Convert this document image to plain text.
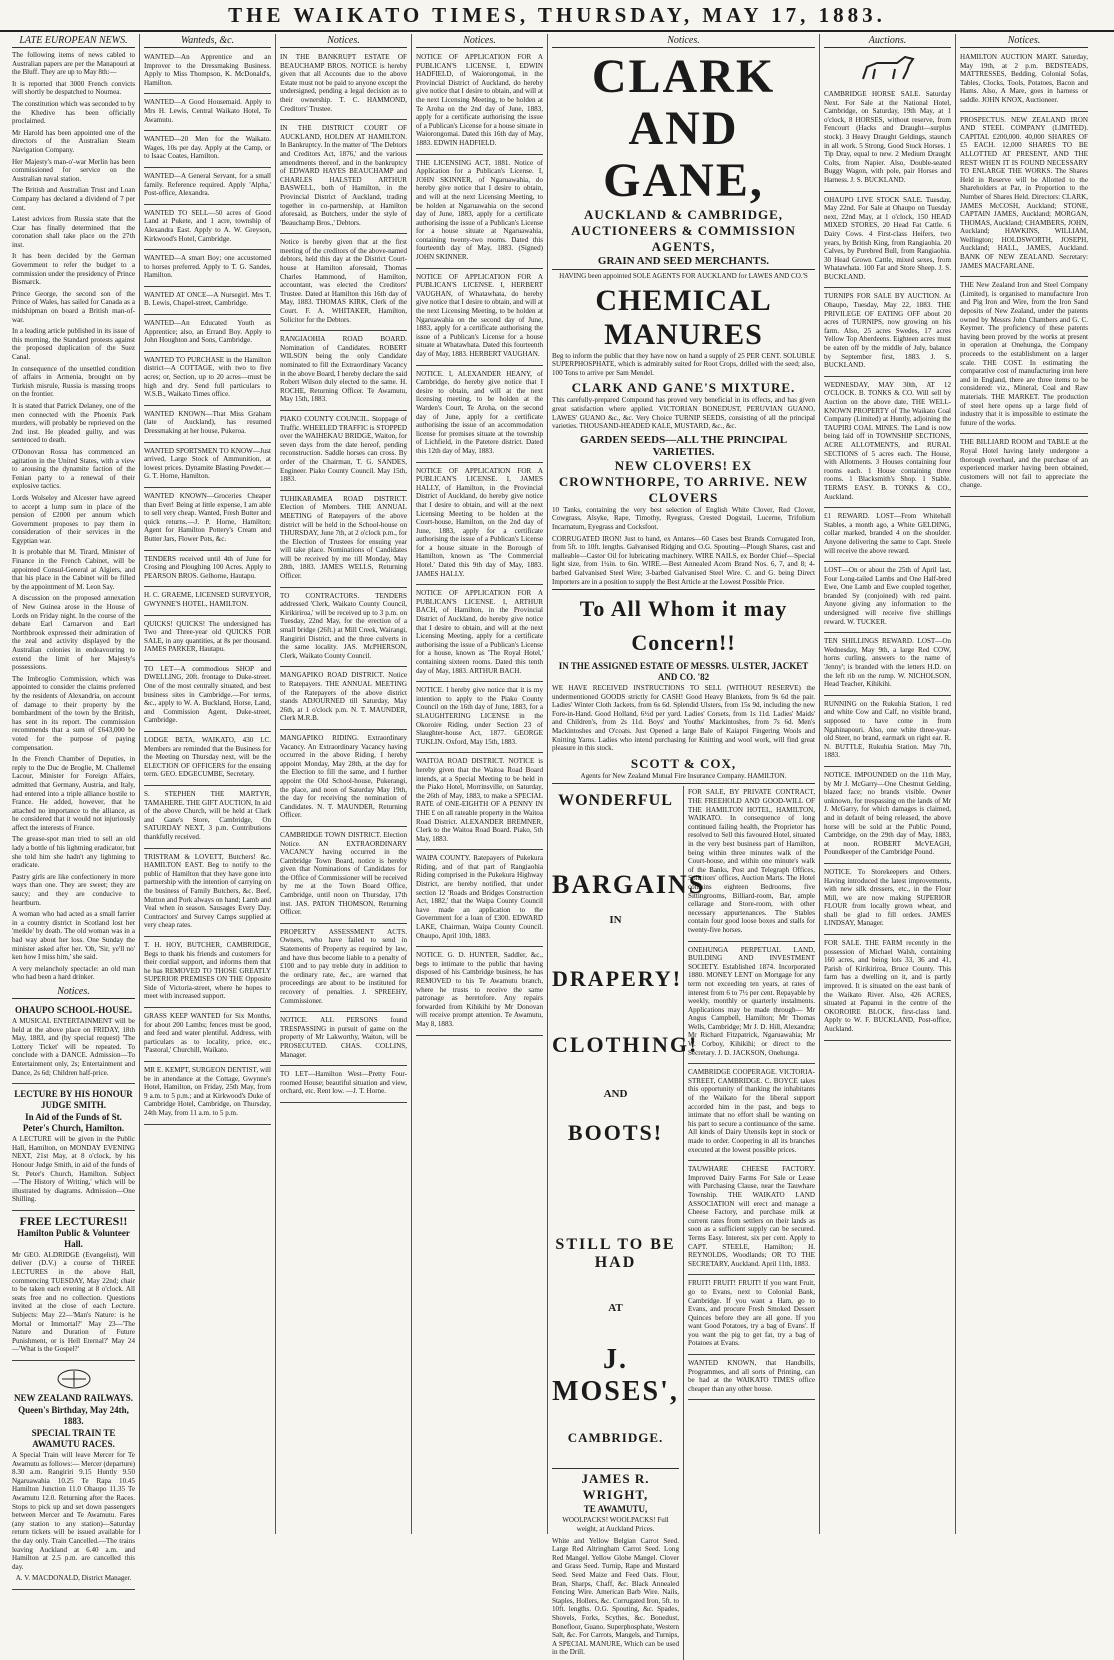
THE WAIKATO TIMES, THURSDAY, MAY 17, 1883.
LATE EUROPEAN NEWS.

The following items of news cabled to Australian papers are per the Manapouri at the Bluff. They are up to May 8th:—

It is reported that 3000 French convicts will shortly be despatched to Noumea.

The constitution which was seconded to by the Khedive has been officially proclaimed.

Mr Harold has been appointed one of the directors of the Australian Steam Navigation Company.

Her Majesty's man-o'-war Merlin has been commissioned for service on the Australian naval station.

The British and Australian Trust and Loan Company has declared a dividend of 7 per cent.

Latest advices from Russia state that the Czar has finally determined that the coronation shall take place on the 27th inst.

It has been decided by the German Government to refer the budget to a commission under the presidency of Prince Bismarck.

Prince George, the second son of the Prince of Wales, has sailed for Canada as a midshipman on board a British man-of-war.

In a leading article published in its issue of this morning, the Standard protests against the proposed duplication of the Suez Canal.

In consequence of the unsettled condition of affairs in Armenia, brought on by Turkish misrule, Russia is massing troops on the frontier.

It is stated that Patrick Delaney, one of the men connected with the Phoenix Park murders, will probably be reprieved on the 2nd inst. He pleaded guilty, and was sentenced to death.

O'Donovan Rossa has commenced an agitation in the United States, with a view to arousing the dynamite faction of the Fenian party to a renewal of their explosive tactics.

Lords Wolseley and Alcester have agreed to accept a lump sum in place of the pension of £2000 per annum which Government proposes to pay them in consideration of their services in the Egyptian war.

It is probable that M. Tirard, Minister of Finance in the French Cabinet, will be appointed Consul-General at Algiers, and that his place in the Cabinet will be filled by the appointment of M. Leon Say.

A discussion on the proposed annexation of New Guinea arose in the House of Lords on Friday night. In the course of the debate Earl Carnarvon and Earl Northbrook expressed their admiration of the zeal and activity displayed by the Australian colonies in endeavouring to extend the limit of her Majesty's possessions.

The Imbroglio Commission, which was appointed to consider the claims preferred by the residents of Alexandria, on account of damage to their property by the bombardment of the town by the British, has sent in its report. The commission recommends that a sum of £643,000 be voted for the purpose of paying compensation.

In the French Chamber of Deputies, in reply to the Duc de Broglie, M. Challemel Lacour, Minister for Foreign Affairs, admitted that Germany, Austria, and Italy, had entered into a triple alliance hostile to France. He added, however, that he attached no importance to the alliance, as he considered that it would not injuriously affect the interests of France.

The grease-spot man tried to sell an old lady a bottle of his lightning eradicator, but she told him she hadn't any lightning to eradicate.

Pastry girls are like confectionery in more ways than one. They are sweet; they are saucy; and they are conducive to heartburn.

A woman who had acted as a small farrier in a country district in Scotland lost her 'meikle' by death. The old woman was in a bad way about her loss. One Sunday the minister asked after her. 'Oh, 'Sir, ye'll no' ken how I miss him,' she said.

A very melancholy spectacle: an old man who had been a hard drinker.

Notices.
OHAUPO SCHOOL-HOUSE.

A MUSICAL ENTERTAINMENT will be held at the above place on FRIDAY, 18th May, 1883, and (by special request) 'The Lottery Ticket' will be repeated. To conclude with a DANCE. Admission—To Entertainment only, 2s; Entertainment and Dance, 2s 6d; Children half-price.

LECTURE BY HIS HONOUR JUDGE SMITH.
In Aid of the Funds of St. Peter's Church, Hamilton.

A LECTURE will be given in the Public Hall, Hamilton, on MONDAY EVENING NEXT, 21st May, at 8 o'clock, by his Honour Judge Smith, in aid of the funds of St. Peter's Church, Hamilton. Subject—'The History of Writing,' which will be illustrated by diagrams. Admission—One Shilling.

FREE LECTURES!!
Hamilton Public & Volunteer Hall.

Mr GEO. ALDRIDGE (Evangelist), Will deliver (D.V.) a course of THREE LECTURES in the above Hall, commencing TUESDAY, May 22nd; chair to be taken each evening at 8 o'clock. All seats free and no collection. Questions invited at the close of each Lecture. Subjects: May 22—'Man's Nature: is he Mortal or Immortal?' May 23—'The Nature and Duration of Future Punishment, or is Hell Eternal?' May 24—'What is the Gospel?'

NEW ZEALAND RAILWAYS.
Queen's Birthday, May 24th, 1883.
SPECIAL TRAIN TE AWAMUTU RACES.

A Special Train will leave Mercer for Te Awamutu as follows:— Mercer (departure) 8.30 a.m. Rangiriri 9.15 Huntly 9.50 Ngaruawahia 10.25 Te Rapa 10.45 Hamilton Junction 11.0 Ohaupo 11.35 Te Awamutu 12.0. Returning after the Races. Stops to pick up and set down passengers between Mercer and Te Awamutu. Fares (any station to any station)—Saturday return tickets will be issued available for the day only. Train Cancelled.—The trains leaving Auckland at 6.40 a.m. and Hamilton at 2.5 p.m. are cancelled this day.

A. V. MACDONALD, District Manager.

Wanteds, &c.

WANTED—An Apprentice and an Improver to the Dressmaking Business. Apply to Miss Thompson, K. McDonald's, Hamilton.

WANTED—A Good Housemaid. Apply to Mrs H. Lewis, Central Waikato Hotel, Te Awamutu.

WANTED—20 Men for the Waikato. Wages, 10s per day. Apply at the Camp, or to Isaac Coates, Hamilton.

WANTED—A General Servant, for a small family. Reference required. Apply 'Alpha,' Post-office, Alexandra.

WANTED TO SELL—50 acres of Good Land at Pukete, and 1 acre, township of Alexandra East. Apply to A. W. Greyson, Kirkwood's Hotel, Cambridge.

WANTED—A smart Boy; one accustomed to horses preferred. Apply to T. G. Sandes, Hamilton.

WANTED AT ONCE—A Nursegirl. Mrs T. B. Lewis, Chapel-street, Cambridge.

WANTED—An Educated Youth as Apprentice; also, an Errand Boy. Apply to John Houghton and Sons, Cambridge.

WANTED TO PURCHASE in the Hamilton district—A COTTAGE, with two to five acres; or, Section, up to 20 acres—must be high and dry. Send full particulars to W.S.B., Waikato Times office.

WANTED KNOWN—That Miss Graham (late of Auckland), has resumed Dressmaking at her house, Pukeroa.

WANTED SPORTSMEN TO KNOW—Just arrived, Large Stock of Ammunition, at lowest prices. Dynamite Blasting Powder.—G. T. Horne, Hamilton.

WANTED KNOWN—Groceries Cheaper than Ever! Being at little expense, I am able to sell very cheap. Wanted, Fresh Butter and quick returns.—J. P. Horne, Hamilton; Agent for Hamilton Pottery's Cream and Butter Jars, Flower Pots, &c.

TENDERS received until 4th of June for Crosing and Ploughing 100 Acres. Apply to PEARSON BROS. Gelhorne, Hautapu.

H. C. GRAEME, LICENSED SURVEYOR, GWYNNE'S HOTEL, HAMILTON.

QUICKS! QUICKS! The undersigned has Two and Three-year old QUICKS FOR SALE, in any quantities, at 8s per thousand. JAMES PARKER, Hautapu.

TO LET—A commodious SHOP and DWELLING, 20ft. frontage to Duke-street. One of the most centrally situated, and best business sites in Cambridge.—For terms, &c., apply to W. A. Buckland, Horse, Land, and Commission Agent, Duke-street, Cambridge.

LODGE BETA, WAIKATO, 430 I.C. Members are reminded that the Business for the Meeting on Thursday next, will be the ELECTION OF OFFICERS for the ensuing term. GEO. EDGECUMBE, Secretary.

S. STEPHEN THE MARTYR, TAMAHERE. THE GIFT AUCTION, In aid of the above Church, will be held at Clark and Gane's Store, Cambridge, On SATURDAY NEXT, 3 p.m. Contributions thankfully received.

TRISTRAM & LOVETT, Butchers! &c. HAMILTON EAST. Beg to notify to the public of Hamilton that they have gone into partnership with the intention of carrying on the business of Family Butchers, &c. Beef, Mutton and Pork always on hand; Lamb and Veal when in season. Sausages Every Day. Contractors' and Survey Camps supplied at very cheap rates.

T. H. HOY, BUTCHER, CAMBRIDGE, Begs to thank his friends and customers for their cordial support, and informs them that he has REMOVED TO THOSE GREATLY SUPERIOR PREMISES ON THE Opposite Side of Victoria-street, where he hopes to meet with increased support.

GRASS KEEP WANTED for Six Months, for about 200 Lambs; fences must be good, and feed and water plentiful. Address, with particulars as to locality, price, etc., 'Pastoral,' Churchill, Waikato.

MR E. KEMPT, SURGEON DENTIST, will be in attendance at the Cottage, Gwynne's Hotel, Hamilton, on Friday, 25th May, from 9 a.m. to 5 p.m.; and at Kirkwood's Duke of Cambridge Hotel, Cambridge, on Thursday, 24th May, from 11 a.m. to 5 p.m.

Notices.

IN THE BANKRUPT ESTATE OF BEAUCHAMP BROS. NOTICE is hereby given that all Accounts due to the above Estate must not be paid to anyone except the undersigned, pending a legal decision as to their ownership. T. C. HAMMOND, Creditors' Trustee.

IN THE DISTRICT COURT OF AUCKLAND, HOLDEN AT HAMILTON. In Bankruptcy. In the matter of 'The Debtors and Creditors Act, 1876,' and the various amendments thereof, and in the bankruptcy of EDWARD HAYES BEAUCHAMP and CHARLES HALSTED ARTHUR BASWELL, both of Hamilton, in the Provincial District of Auckland, trading together in co-partnership, at Hamilton aforesaid, as Butchers, under the style of 'Beauchamp Bros.,' Debtors.

Notice is hereby given that at the first meeting of the creditors of the above-named debtors, held this day at the District Court-house at Hamilton aforesaid, Thomas Charles Hammond, of Hamilton, accountant, was elected the Creditors' Trustee. Dated at Hamilton this 16th day of May, 1883. THOMAS KIRK, Clerk of the Court. F. A. WHITAKER, Hamilton, Solicitor for the Debtors.

RANGIAOHIA ROAD BOARD. Nomination of Candidates. ROBERT WILSON being the only Candidate nominated to fill the Extraordinary Vacancy in the above Board, I hereby declare the said Robert Wilson duly elected to the same. H. ROCHE, Returning Officer. Te Awamutu, May 15th, 1883.

PIAKO COUNTY COUNCIL. Stoppage of Traffic. WHEELED TRAFFIC is STOPPED over the WAIHEKAU BRIDGE, Waiton, for seven days from the date hereof, pending reconstruction. Saddle horses can cross. By order of the Chairman, T. G. SANDES, Engineer. Piako County Council. May 15th, 1883.

TUHIKARAMEA ROAD DISTRICT. Election of Members. THE ANNUAL MEETING of Ratepayers of the above district will be held in the School-house on THURSDAY, June 7th, at 2 o'clock p.m., for the Election of Trustees for ensuing year will take place. Nominations of Candidates will be received by me till Monday, May 28th, 1883. JAMES WELLS, Returning Officer.

TO CONTRACTORS. TENDERS addressed 'Clerk, Waikato County Council, Kirikiriroa,' will be received up to 3 p.m. on Tuesday, 22nd May, for the erection of a small bridge (26ft.) at Mill Creek, Wairangi, Rangiriri District, and the three culverts in the same locality. JAS. McPHERSON, Clerk, Waikato County Council.

MANGAPIKO ROAD DISTRICT. Notice to Ratepayers. THE ANNUAL MEETING of the Ratepayers of the above district stands ADJOURNED till Saturday, May 26th, at 1 o'clock p.m. N. T. MAUNDER, Clerk M.R.B.

MANGAPIKO RIDING. Extraordinary Vacancy. An Extraordinary Vacancy having occurred in the above Riding, I hereby appoint Monday, May 28th, at the day for the Election to fill the same, and I further appoint the Old School-house, Pukerangi, the place, and noon of Saturday May 19th, the day for receiving the nomination of Candidates. N. T. MAUNDER, Returning Officer.

CAMBRIDGE TOWN DISTRICT. Election Notice. AN EXTRAORDINARY VACANCY having occurred in the Cambridge Town Board, notice is hereby given that Nominations of Candidates for the Office of Commissioner will be received by me at the Town Board Office, Cambridge, until noon on Thursday, 17th inst. JAS. PATON THOMSON, Returning Officer.

PROPERTY ASSESSMENT ACTS. Owners, who have failed to send in Statements of Property as required by law, and have thus become liable to a penalty of £100 and to pay treble duty in addition to the ordinary rate, &c., are warned that proceedings are about to be instituted for recovery of penalties. J. SPREEHY, Commissioner.

NOTICE. ALL PERSONS found TRESPASSING in pursuit of game on the property of Mr Lakworthy, Waiton, will be PROSECUTED. CHAS. COLLINS, Manager.

TO LET—Hamilton West—Pretty Four-roomed House; beautiful situation and view, orchard, etc. Rent low. —J. T. Horne.

Notices.

NOTICE OF APPLICATION FOR A PUBLICAN'S LICENSE. I, EDWIN HADFIELD, of Waiorongomai, in the Provincial District of Auckland, do hereby give notice that I desire to obtain, and will at the next Licensing Meeting, to be holden at Te Aroha on the 2nd day of June, 1883, apply for a certificate authorising the issue of a Publican's License for a house situate in Waiorongomai. Dated this 16th day of May, 1883. EDWIN HADFIELD.

THE LICENSING ACT, 1881. Notice of Application for a Publican's License. I, JOHN SKINNER, of Ngaruawahia, do hereby give notice that I desire to obtain, and will at the next Licensing Meeting, to be holden at Ngaruawahia on the second day of June, 1883, apply for a certificate authorising the issue of a Publican's License for a house situate at Ngaruawahia, containing twenty-two rooms. Dated this fourteenth day of May, 1883. (Signed) JOHN SKINNER.

NOTICE OF APPLICATION FOR A PUBLICAN'S LICENSE. I, HERBERT VAUGHAN, of Whatawhata, do hereby give notice that I desire to obtain, and will at the next Licensing Meeting, to be holden at Ngaruawahia on the second day of June, 1883, apply for a certificate authorising the issue of a Publican's License for a house situate at Whatawhata. Dated this fourteenth day of May, 1883. HERBERT VAUGHAN.

NOTICE. I, ALEXANDER HEANY, of Cambridge, do hereby give notice that I desire to obtain, and will at the next licensing meeting, to be holden at the Warden's Court, Te Aroha, on the second day of June, apply for a certificate authorising the issue of an accommodation license for premises situate at the township of Lichfield, in the Patetere district. Dated this 12th day of May, 1883.

NOTICE OF APPLICATION FOR A PUBLICAN'S LICENSE. I, JAMES HALLY, of Hamilton, in the Provincial District of Auckland, do hereby give notice that I desire to obtain, and will at the next Licensing Meeting to be holden at the Court-house, Hamilton, on the 2nd day of June, 1883, apply for a certificate authorising the issue of a Publican's License for a house situate in the Borough of Hamilton, known as 'The Commercial Hotel.' Dated this 9th day of May, 1883. JAMES HALLY.

NOTICE OF APPLICATION FOR A PUBLICAN'S LICENSE. I, ARTHUR BACH, of Hamilton, in the Provincial District of Auckland, do hereby give notice that I desire to obtain, and will at the next Licensing Meeting, apply for a certificate authorising the issue of a Publican's License for a house, known as 'The Royal Hotel,' containing sixteen rooms. Dated this tenth day of May, 1883. ARTHUR BACH.

NOTICE. I hereby give notice that it is my intention to apply to the Piako County Council on the 16th day of June, 1883, for a SLAUGHTERING LICENSE in the Okoroire Riding, under Section 23 of Slaughter-house Act, 1877. GEORGE TUKLIN. Oxford, May 15th, 1883.

WAITOA ROAD DISTRICT. NOTICE is hereby given that the Waitoa Road Board intends, at a Special Meeting to be held in the Piako Hotel, Morrinsville, on Saturday, the 26th of May, 1883, to make a SPECIAL RATE of ONE-EIGHTH OF A PENNY IN THE £ on all rateable property in the Waitoa Road District. ALEXANDER BREMNER, Clerk to the Waitoa Road Board. Piako, 5th May, 1883.

WAIPA COUNTY. Ratepayers of Pukekura Riding, and of that part of Rangiaohia Riding comprised in the Pukekura Highway District, are hereby notified, that under section 12 'Roads and Bridges Construction Act, 1882,' that the Waipa County Council have made an application to the Government for a loan of £300. EDWARD LAKE, Chairman, Waipa County Council. Ohaupo, April 10th, 1883.

NOTICE. G. D. HUNTER, Saddler, &c., begs to intimate to the public that having disposed of his Cambridge business, he has REMOVED to his Te Awamutu branch, where he trusts to receive the same patronage as heretofore. Any repairs forwarded from Kihikihi by Mr Donovan will receive prompt attention. Te Awamutu, May 8, 1883.

Notices.
CLARK AND GANE,
AUCKLAND & CAMBRIDGE,
AUCTIONEERS & COMMISSION AGENTS,
GRAIN AND SEED MERCHANTS.

HAVING been appointed SOLE AGENTS FOR AUCKLAND for LAWES AND CO.'S

CHEMICAL MANURES

Beg to inform the public that they have now on hand a supply of 25 PER CENT. SOLUBLE SUPERPHOSPHATE, which is admirably suited for Root Crops, drilled with the seed; also, 100 Tons to arrive per Sam Mendel.

CLARK AND GANE'S MIXTURE.

This carefully-prepared Compound has proved very beneficial in its effects, and has given great satisfaction where applied. VICTORIAN BONEDUST, PERUVIAN GUANO, LAWES' GUANO &c., &c. Very Choice TURNIP SEEDS, consisting of all the principal varieties. THOUSAND-HEADED KALE, MUSTARD, &c., &c.

GARDEN SEEDS—ALL THE PRINCIPAL VARIETIES.
NEW CLOVERS! EX CROWNTHORPE, TO ARRIVE. NEW CLOVERS

10 Tanks, containing the very best selection of English White Clover, Red Clover, Cowgrass, Alsyke, Rape, Timothy, Ryegrass, Crested Dogstail, Lucerne, Trifolium Incarnatum, Eyegrass and Cocksfoot.

CORRUGATED IRON! Just to hand, ex Antares—60 Cases best Brands Corrugated Iron, from 5ft. to 10ft. lengths. Galvanised Ridging and O.G. Spouting—Plough Shares, cast and malleable—Castor Oil for lubricating machinery. WIRE NAILS, ex Border Chief—Special light size, from 1¼in. to 6in. WIRE.—Best Annealed Acorn Brand Nos. 6, 7, and 8; 4-barbed Galvanised Steel Wire; 3-barbed Galvanised Steel Wire. C. and G. being Direct Importers are in a position to supply the Best Article at the Lowest Possible Price.

To All Whom it may Concern!!
IN THE ASSIGNED ESTATE OF MESSRS. ULSTER, JACKET AND CO. '82

WE HAVE RECEIVED INSTRUCTIONS TO SELL (WITHOUT RESERVE) the undermentioned GOODS strictly for CASH! Good Heavy Blankets, from 9s 6d the pair. Ladies' Winter Cloth Jackets, from 6s 6d. Splendid Ulsters, from 15s 9d, including the new Fore-in-Hand. Good Holland, 6½d per yard. Ladies' Corsets, from 1s 11d. Ladies' Maids' and Children's, from 2s 11d. Boys' and Youths' Mackintoshes, from 7s 6d. Men's Mackintoshes and O'coats. Just Opened a large Bale of Kaiapoi Fingering Wools and Knitting Yarns. Ladies who intend purchasing for Knitting and wool work, will find great pleasure in this stock.

SCOTT & COX,

Agents for New Zealand Mutual Fire Insurance Company. HAMILTON.

WONDERFUL
BARGAINS
IN
DRAPERY!
CLOTHING!
AND
BOOTS!
STILL TO BE HAD
AT
J. MOSES',
CAMBRIDGE.
JAMES R. WRIGHT,
TE AWAMUTU,

WOOLPACKS! WOOLPACKS! Full weight, at Auckland Prices.

White and Yellow Belgian Carrot Seed. Large Red Altringham Carrot Seed. Long Red Mangel. Yellow Globe Mangel. Clover and Grass Seed. Turnip, Rape and Mustard Seed. Seed Maize and Feed Oats. Flour, Bran, Sharps, Chaff, &c. Black Annealed Fencing Wire. American Barb Wire. Nails, Staples, Hollers, &c. Corrugated Iron, 5ft. to 10ft. lengths. O.G. Spouting, &c. Spades, Shovels, Forks, Scythes, &c. Bonedust, Bonefloor, Guano. Superphosphate, Western Salt, &c. For Carrots, Mangels, and Turnips, A SPECIAL MANURE, Which can be used in the Drill.

FOR SALE, BY PRIVATE CONTRACT, THE FREEHOLD AND GOOD-WILL OF THE HAMILTON HOTEL, HAMILTON, WAIKATO. In consequence of long continued failing health, the Proprietor has resolved to Sell this favoured Hotel, situated in the very best business part of Hamilton, being within three minutes walk of the Court-house, and within one minute's walk of the Banks, Post and Telegraph Offices, Solicitors' offices, Auction Marts. The Hotel contains eighteen Bedrooms, five Sittingrooms, Billiard-room, Bar, ample cellarage and Store-room, with other necessary appurtenances. The Stables contain four good loose boxes and stalls for twenty-five horses.

ONEHUNGA PERPETUAL LAND, BUILDING AND INVESTMENT SOCIETY. Established 1874. Incorporated 1880. MONEY LENT on Mortgage for any term not exceeding ten years, at rates of interest from 6 to 7½ per cent. Repayable by weekly, monthly or quarterly instalments. Applications may be made through— Mr Angus Campbell, Hamilton; Mr Thomas Wells, Cambridge; Mr J. D. Hill, Alexandra; Mr Richard Fitzpatrick, Ngaruawahia; Mr W. Corboy, Kihikihi; or direct to the Secretary. J. D. JACKSON, Onehunga.

CAMBRIDGE COOPERAGE. VICTORIA-STREET, CAMBRIDGE. C. BOYCE takes this opportunity of thanking the inhabitants of the Waikato for the liberal support accorded him in the past, and begs to intimate that no effort shall be wanting on his part to secure a continuance of the same. All kinds of Dairy Utensils kept in stock or made to order. Coopering in all its branches executed at the lowest possible prices.

TAUWHARE CHEESE FACTORY. Improved Dairy Farms For Sale or Lease with Purchasing Clause, near the Tauwhare Township. THE WAIKATO LAND ASSOCIATION will erect and manage a Cheese Factory, and purchase milk at current rates from settlers on their lands as soon as a sufficient supply can be secured. Terms Easy. Interest, six per cent. Apply to CAPT. STEELE, Hamilton; H. REYNOLDS, Woodlands; OR TO THE SECRETARY, Auckland. April 11th, 1883.

FRUIT! FRUIT! FRUIT! If you want Fruit, go to Evans, next to Colonial Bank, Cambridge. If you want a Ham, go to Evans, and procure Fresh Smoked Dessert Quinces before they are all gone. If you want Good Potatoes, try a bag of Evans'. If you want the pig to get fat, try a bag of Potatoes at Evans.

WANTED KNOWN, that Handbills, Programmes, and all sorts of Printing, can be had at the WAIKATO TIMES office cheaper than any other house.

Auctions.

CAMBRIDGE HORSE SALE. Saturday Next. For Sale at the National Hotel, Cambridge, on Saturday, 19th May, at 1 o'clock, 8 HORSES, without reserve, from Fencourt (Hacks and Draught—surplus stock). 3 Heavy Draught Geldings, staunch in all work. 5 Strong, Good Stock Horses. 1 Tip Dray, equal to new. 2 Medium Draught Colts, from Napier. Also, Double-seated Buggy Wagon, with pole, pair Horses and Harness. J. S. BUCKLAND.

OHAUPO LIVE STOCK SALE. Tuesday, May 22nd. For Sale at Ohaupo on Tuesday next, 22nd May, at 1 o'clock, 150 HEAD MIXED STORES, 20 Head Fat Cattle. 6 Dairy Cows. 4 First-class Heifers, two years, by British King, from Rangiaohia. 20 Calves, by Purebred Bull, from Rangiaohia. 30 Head Grown Cattle, mixed sexes, from Whatawhata. 100 Fat and Store Sheep. J. S. BUCKLAND.

TURNIPS FOR SALE BY AUCTION. At Ohaupo, Tuesday, May 22, 1883. THE PRIVILEGE OF EATING OFF about 20 acres of TURNIPS, now growing on his farm. Also, 25 acres Swedes, 17 acres Yellow Top Aberdeens. Eighteen acres must be eaten off by the middle of July, balance by September first, 1883. J. S. BUCKLAND.

WEDNESDAY, MAY 30th, AT 12 O'CLOCK. B. TONKS & CO. Will sell by Auction on the above date, THE WELL-KNOWN PROPERTY of The Waikato Coal Company (Limited) at Huntly, adjoining the TAUPIRI COAL MINES. The Land is now being laid off in TOWNSHIP SECTIONS, ACRE ALLOTMENTS, and RURAL SECTIONS of 5 acres each. The House, with Allotments. 3 Houses containing four rooms each. 1 House containing three rooms. 1 Blacksmith's Shop. 1 Stable. TERMS EASY. B. TONKS & CO., Auckland.

£1 REWARD. LOST—From Whitehall Stables, a month ago, a White GELDING, collar marked, branded 4 on the shoulder. Anyone delivering the same to Capt. Steele will receive the above reward.

LOST—On or about the 25th of April last, Four Long-tailed Lambs and One Half-bred Ewe, One Lamb and Ewe coupled together, branded Sy (conjoined) with red paint. Anyone giving any information to the undersigned will receive five shillings reward. W. TUCKER.

TEN SHILLINGS REWARD. LOST—On Wednesday, May 9th, a large Red COW, horns curling, answers to the name of 'Jenny'; is branded with the letters H.D. on the left rib on the rump. W. NICHOLSON, Head Teacher, Kihikihi.

RUNNING on the Rukuhia Station, 1 red and white Cow and Calf, no visible brand, supposed to have come in from Ngahinapouri. Also, one white three-year-old Steer, no brand, earmark on right ear. R. N. BUTTLE, Rukuhia Station. May 7th, 1883.

NOTICE. IMPOUNDED on the 11th May, by Mr J. McGarry—One Chestnut Gelding, blazed face; no brands visible. Owner unknown, for trespassing on the lands of Mr J. McGarry, for which damages is claimed, and in default of being released, the above horse will be sold at the Public Pound, Cambridge, on the 29th day of May, 1883, at noon. ROBERT McVEAGH, Poundkeeper of the Cambridge Pound.

NOTICE. To Storekeepers and Others. Having introduced the latest improvements, with new silk dressers, etc., in the Flour Mill, we are now making SUPERIOR FLOUR from locally grown wheat, and shall be glad to fill orders. JAMES LINDSAY, Manager.

FOR SALE. THE FARM recently in the possession of Michael Walsh, containing 160 acres, and being lots 33, 36 and 41, Parish of Kirikiriroa, Bruce County. This farm has a dwelling on it, and is partly improved. It is situated on the east bank of the Waikato River. Also, 426 ACRES, situated at Papanui in the centre of the OKOROIRE BLOCK, first-class land. Apply to W. F. BUCKLAND, Post-office, Auckland.

Notices.

HAMILTON AUCTION MART. Saturday, May 19th, at 2 p.m. BEDSTEADS, MATTRESSES, Bedding, Colonial Sofas, Tables, Clocks, Tools, Potatoes, Bacon and Hams. Also, A Mare, goes in harness or saddle. JOHN KNOX, Auctioneer.

PROSPECTUS. NEW ZEALAND IRON AND STEEL COMPANY (LIMITED). CAPITAL £200,000. 40,000 SHARES OF £5 EACH. 12,000 SHARES TO BE ALLOTTED AT PRESENT, AND THE REST WHEN IT IS FOUND NECESSARY TO ENLARGE THE WORKS. The Shares Held in Reserve will be Allotted to the Shareholders at Par, in Proportion to the Number of Shares Held. Directors: CLARK, JAMES McCOSH, Auckland; STONE, CAPTAIN JAMES, Auckland; MORGAN, THOMAS, Auckland; CHAMBERS, JOHN, Auckland; HAWKINS, WILLIAM, Wellington; HOLDSWORTH, JOSEPH, Auckland; HALL, JAMES, Auckland. BANK OF NEW ZEALAND. Secretary: JAMES MACFARLANE.

THE New Zealand Iron and Steel Company (Limited), is organised to manufacture Iron and Pig Iron and Wire, from the Iron Sand deposits of New Zealand, under the patents owned by Messrs John Chambers and G. C. Keymer. The proficiency of these patents having been proved by the works at present in operation at Onehunga, the Company proceeds to the establishment on a larger scale. THE COST. In estimating the comparative cost of manufacturing iron here and in England, there are three items to be considered: viz., Mineral, Coal and Raw materials. THE MARKET. The production of steel here opens up a large field of industry that it is impossible to estimate the future of the works.

THE BILLIARD ROOM and TABLE at the Royal Hotel having lately undergone a thorough overhaul, and the purchase of an experienced marker having been obtained, customers will not fail to appreciate the change.
